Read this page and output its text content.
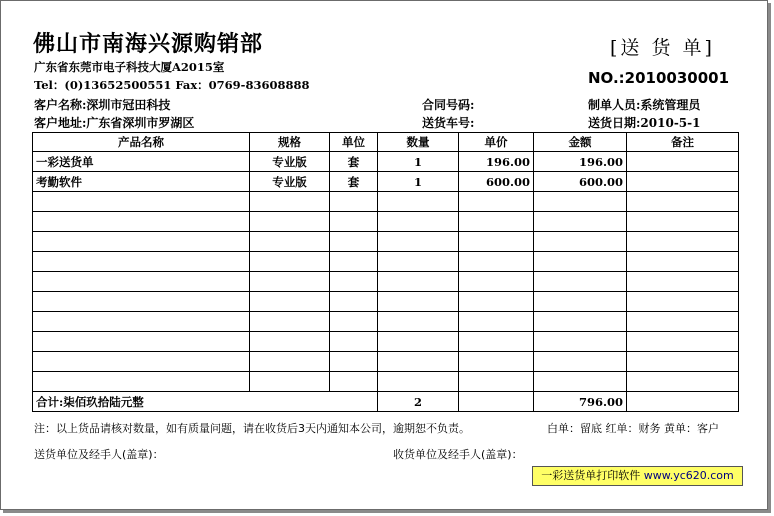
佛山市南海兴源购销部	[送 货 单]
广东省东莞市电子科技大厦A2015室
Tel：(0)13652500551 Fax：0769-83608888	NO.:2010030001
客户名称:深圳市冠田科技	合同号码:	制单人员:系统管理员
客户地址:广东省深圳市罗湖区	送货车号:	送货日期:2010-5-1
产品名称	规格	单位	数量	单价	金额	备注
一彩送货单	专业版	套	1	196.00	196.00	
考勤软件	专业版	套	1	600.00	600.00	

合计:柒佰玖拾陆元整			2		796.00	
注：以上货品请核对数量，如有质量问题，请在收货后3天内通知本公司，逾期恕不负责。	白单：留底 红单：财务 黄单：客户
送货单位及经手人(盖章)：	收货单位及经手人(盖章)：
一彩送货单打印软件 www.yc620.com
